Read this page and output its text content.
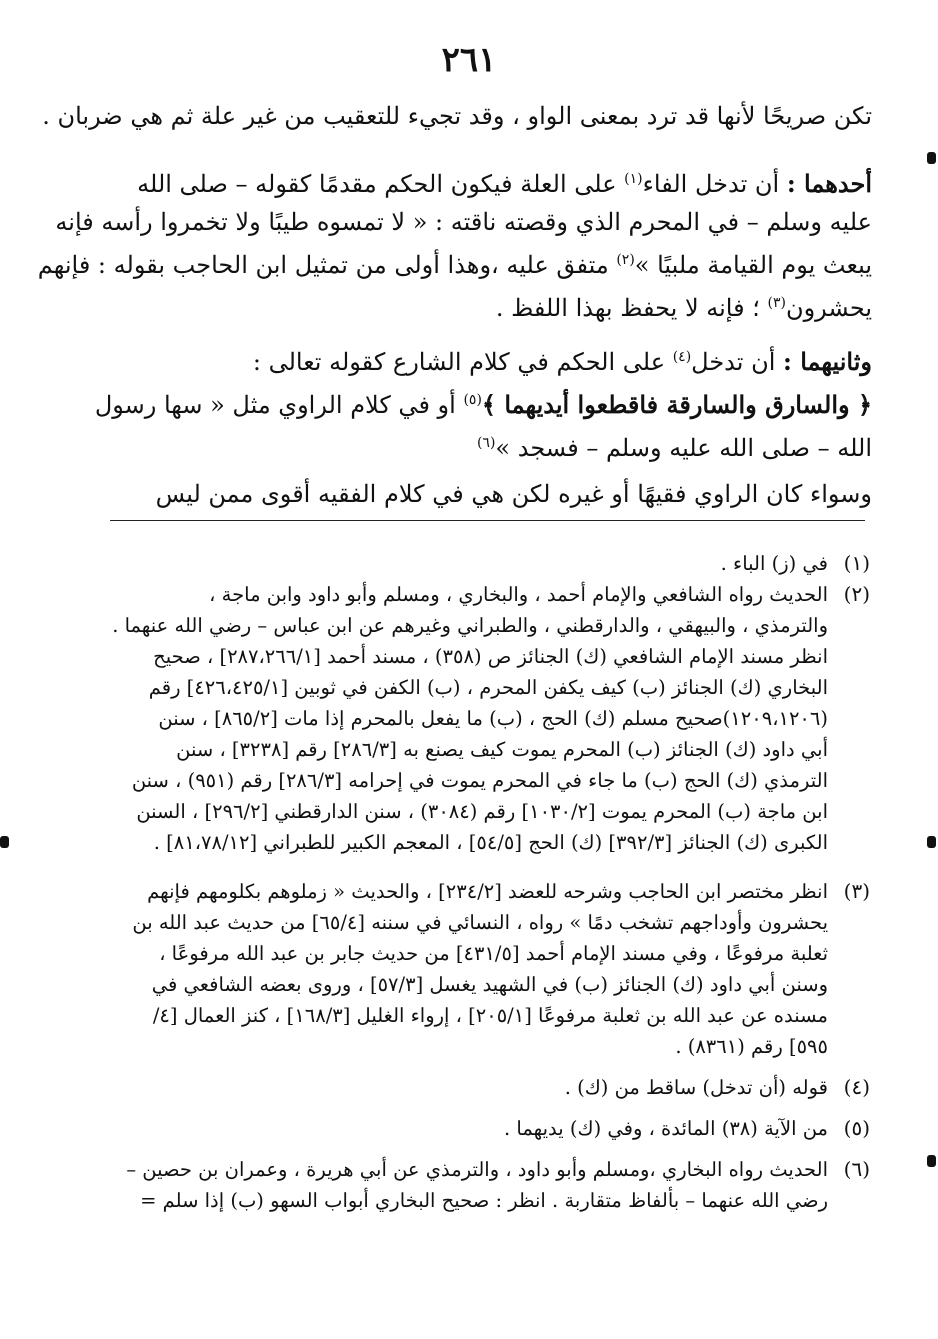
٢٦١
تكن صريحًا لأنها قد ترد بمعنى الواو ، وقد تجيء للتعقيب من غير علة ثم هي ضربان .
أحدهما : أن تدخل الفاء$^{(١)}$ على العلة فيكون الحكم مقدمًا كقوله – صلى الله
عليه وسلم – في المحرم الذي وقصته ناقته : « لا تمسوه طيبًا ولا تخمروا رأسه فإنه
يبعث يوم القيامة ملبيًا »$^{(٢)}$ متفق عليه ،وهذا أولى من تمثيل ابن الحاجب بقوله : فإنهم
يحشرون$^{(٣)}$ ؛ فإنه لا يحفظ بهذا اللفظ .
وثانيهما : أن تدخل$^{(٤)}$ على الحكم في كلام الشارع كقوله تعالى :
﴿ والسارق والسارقة فاقطعوا أيديهما ﴾$^{(٥)}$ أو في كلام الراوي مثل « سها رسول
الله – صلى الله عليه وسلم – فسجد »$^{(٦)}$
وسواء كان الراوي فقيهًا أو غيره لكن هي في كلام الفقيه أقوى ممن ليس
(١)
في (ز) الباء .
(٢)
الحديث رواه الشافعي والإمام أحمد ، والبخاري ، ومسلم وأبو داود وابن ماجة ،
والترمذي ، والبيهقي ، والدارقطني ، والطبراني وغيرهم عن ابن عباس – رضي الله عنهما .
انظر مسند الإمام الشافعي (ك) الجنائز ص (٣٥٨) ، مسند أحمد [٢٨٧،٢٦٦/١] ، صحيح
البخاري (ك) الجنائز (ب) كيف يكفن المحرم ، (ب) الكفن في ثوبين [٤٢٦،٤٢٥/١] رقم
(١٢٠٩،١٢٠٦)صحيح مسلم (ك) الحج ، (ب) ما يفعل بالمحرم إذا مات [٨٦٥/٢] ، سنن
أبي داود (ك) الجنائز (ب) المحرم يموت كيف يصنع به [٢٨٦/٣] رقم [٣٢٣٨] ، سنن
الترمذي (ك) الحج (ب) ما جاء في المحرم يموت في إحرامه [٢٨٦/٣] رقم (٩٥١) ، سنن
ابن ماجة (ب) المحرم يموت [١٠٣٠/٢] رقم (٣٠٨٤) ، سنن الدارقطني [٢٩٦/٢] ، السنن
الكبرى (ك) الجنائز [٣٩٢/٣] (ك) الحج [٥٤/٥] ، المعجم الكبير للطبراني [٨١،٧٨/١٢] .
(٣)
انظر مختصر ابن الحاجب وشرحه للعضد [٢٣٤/٢] ، والحديث « زملوهم بكلومهم فإنهم
يحشرون وأوداجهم تشخب دمًا » رواه ، النسائي في سننه [٦٥/٤] من حديث عبد الله بن
ثعلبة مرفوعًا ، وفي مسند الإمام أحمد [٤٣١/٥] من حديث جابر بن عبد الله مرفوعًا ،
وسنن أبي داود (ك) الجنائز (ب) في الشهيد يغسل [٥٧/٣] ، وروى بعضه الشافعي في
مسنده عن عبد الله بن ثعلبة مرفوعًا [٢٠٥/١] ، إرواء الغليل [١٦٨/٣] ، كنز العمال [٤/
٥٩٥] رقم (٨٣٦١) .
(٤)
قوله (أن تدخل) ساقط من (ك) .
(٥)
من الآية (٣٨) المائدة ، وفي (ك) يديهما .
(٦)
الحديث رواه البخاري ،ومسلم وأبو داود ، والترمذي عن أبي هريرة ، وعمران بن حصين –
رضي الله عنهما – بألفاظ متقاربة . انظر : صحيح البخاري أبواب السهو (ب) إذا سلم =
